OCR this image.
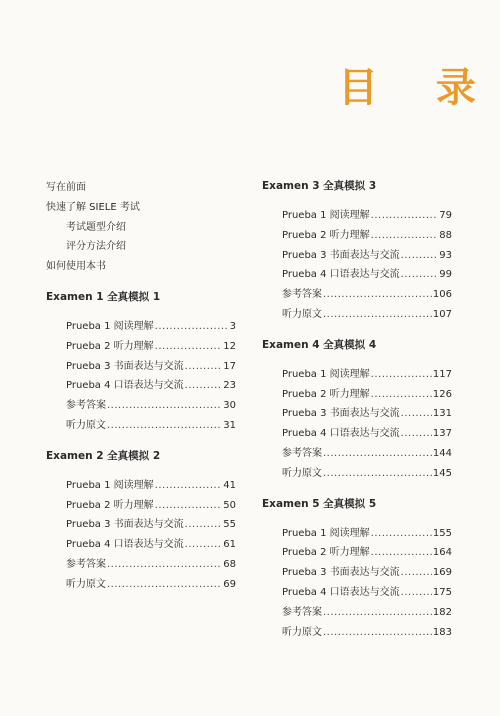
目 录
写在前面
快速了解 SIELE 考试
考试题型介绍
评分方法介绍
如何使用本书
Examen 1 全真模拟 1
Prueba 1 阅读理解 .....	3
Prueba 2 听力理解 .....	12
Prueba 3 书面表达与交流 .....	17
Prueba 4 口语表达与交流 .....	23
参考答案 .....	30
听力原文 .....	31
Examen 2 全真模拟 2
Prueba 1 阅读理解 .....	41
Prueba 2 听力理解 .....	50
Prueba 3 书面表达与交流 .....	55
Prueba 4 口语表达与交流 .....	61
参考答案 .....	68
听力原文 .....	69
Examen 3 全真模拟 3
Prueba 1 阅读理解 .....	79
Prueba 2 听力理解 .....	88
Prueba 3 书面表达与交流 .....	93
Prueba 4 口语表达与交流 .....	99
参考答案 .....	106
听力原文 .....	107
Examen 4 全真模拟 4
Prueba 1 阅读理解 .....	117
Prueba 2 听力理解 .....	126
Prueba 3 书面表达与交流 .....	131
Prueba 4 口语表达与交流 .....	137
参考答案 .....	144
听力原文 .....	145
Examen 5 全真模拟 5
Prueba 1 阅读理解 .....	155
Prueba 2 听力理解 .....	164
Prueba 3 书面表达与交流 .....	169
Prueba 4 口语表达与交流 .....	175
参考答案 .....	182
听力原文 .....	183
